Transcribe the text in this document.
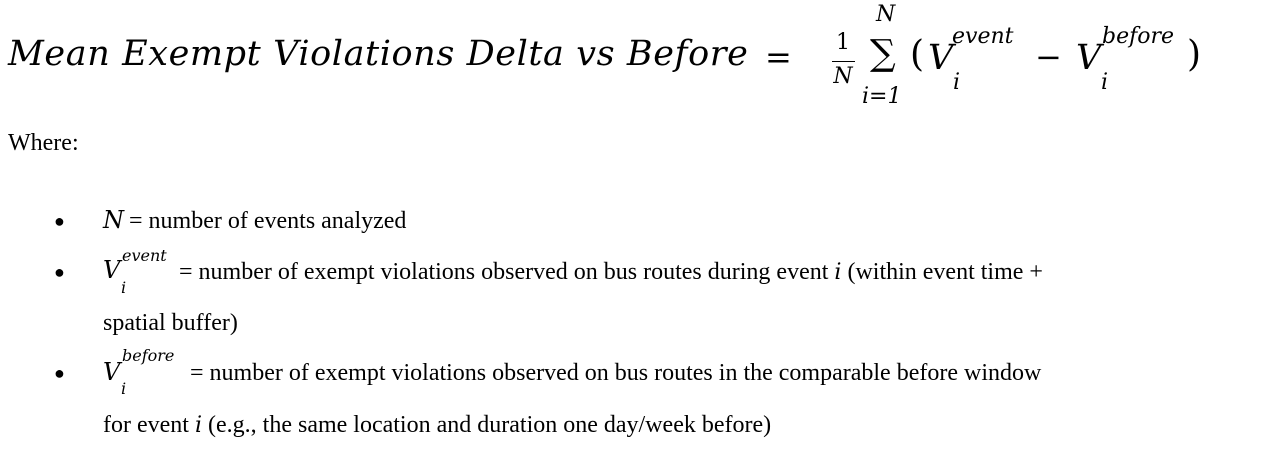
Mean Exempt Violations Delta vs Before = 1
N
N
∑
i=1
( V
event
i
− V
before
i
)
Where:
● N = number of events analyzed
● V
event
i
= number of exempt violations observed on bus routes during event i (within event time +
spatial buffer)
● V
before
i
= number of exempt violations observed on bus routes in the comparable before window
for event i (e.g., the same location and duration one day/week before)
